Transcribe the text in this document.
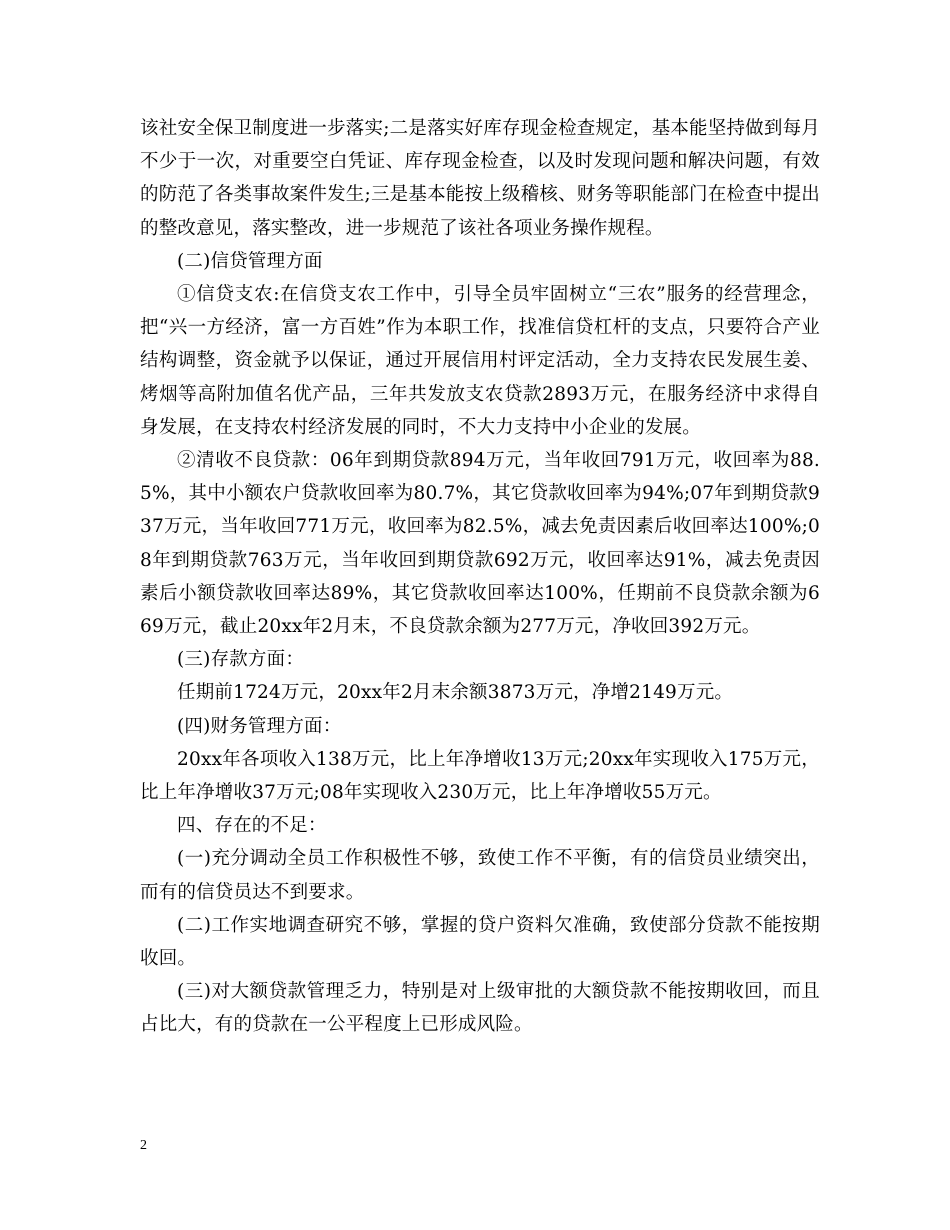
该社安全保卫制度进一步落实;二是落实好库存现金检查规定，基本能坚持做到每月不少于一次，对重要空白凭证、库存现金检查，以及时发现问题和解决问题，有效的防范了各类事故案件发生;三是基本能按上级稽核、财务等职能部门在检查中提出的整改意见，落实整改，进一步规范了该社各项业务操作规程。

(二)信贷管理方面

①信贷支农:在信贷支农工作中，引导全员牢固树立“三农”服务的经营理念，把“兴一方经济，富一方百姓”作为本职工作，找准信贷杠杆的支点，只要符合产业结构调整，资金就予以保证，通过开展信用村评定活动，全力支持农民发展生姜、烤烟等高附加值名优产品，三年共发放支农贷款2893万元，在服务经济中求得自身发展，在支持农村经济发展的同时，不大力支持中小企业的发展。

②清收不良贷款：06年到期贷款894万元，当年收回791万元，收回率为88.5%，其中小额农户贷款收回率为80.7%，其它贷款收回率为94%;07年到期贷款937万元，当年收回771万元，收回率为82.5%，减去免责因素后收回率达100%;08年到期贷款763万元，当年收回到期贷款692万元，收回率达91%，减去免责因素后小额贷款收回率达89%，其它贷款收回率达100%，任期前不良贷款余额为669万元，截止20xx年2月末，不良贷款余额为277万元，净收回392万元。

(三)存款方面：

任期前1724万元，20xx年2月末余额3873万元，净增2149万元。

(四)财务管理方面：

20xx年各项收入138万元，比上年净增收13万元;20xx年实现收入175万元，比上年净增收37万元;08年实现收入230万元，比上年净增收55万元。

四、存在的不足：

(一)充分调动全员工作积极性不够，致使工作不平衡，有的信贷员业绩突出，而有的信贷员达不到要求。

(二)工作实地调查研究不够，掌握的贷户资料欠准确，致使部分贷款不能按期收回。

(三)对大额贷款管理乏力，特别是对上级审批的大额贷款不能按期收回，而且占比大，有的贷款在一公平程度上已形成风险。

2
